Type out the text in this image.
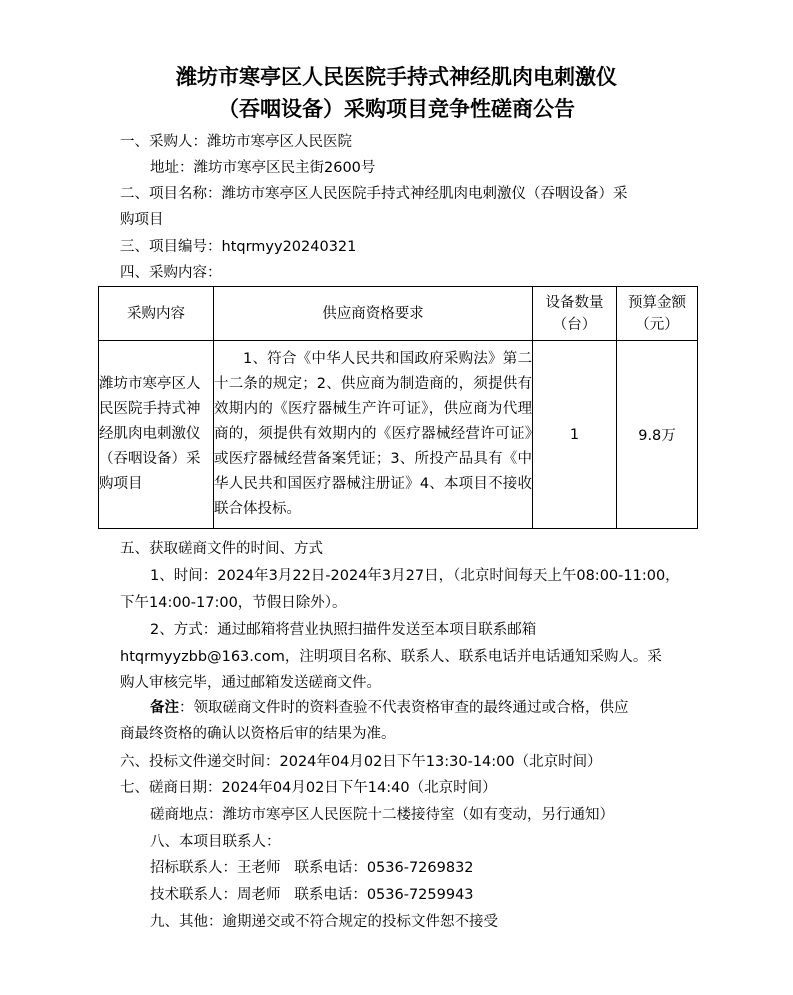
潍坊市寒亭区人民医院手持式神经肌肉电刺激仪
（吞咽设备）采购项目竞争性磋商公告
一、采购人：潍坊市寒亭区人民医院
地址：潍坊市寒亭区民主街2600号
二、项目名称：潍坊市寒亭区人民医院手持式神经肌肉电刺激仪（吞咽设备）采
购项目
三、项目编号：htqrmyy20240321
四、采购内容：
采购内容	供应商资格要求	设备数量
（台）	预算金额
（元）
潍坊市寒亭区人民医院手持式神经肌肉电刺激仪（吞咽设备）采购项目	1、符合《中华人民共和国政府采购法》第二十二条的规定；2、供应商为制造商的，须提供有效期内的《医疗器械生产许可证》，供应商为代理商的，须提供有效期内的《医疗器械经营许可证》或医疗器械经营备案凭证；3、所投产品具有《中华人民共和国医疗器械注册证》4、本项目不接收联合体投标。	1	9.8万
五、获取磋商文件的时间、方式
1、时间：2024年3月22日-2024年3月27日，（北京时间每天上午08:00-11:00，
下午14:00-17:00，节假日除外）。
2、方式：通过邮箱将营业执照扫描件发送至本项目联系邮箱
htqrmyyzbb@163.com，注明项目名称、联系人、联系电话并电话通知采购人。采
购人审核完毕，通过邮箱发送磋商文件。
备注：领取磋商文件时的资料查验不代表资格审查的最终通过或合格，供应
商最终资格的确认以资格后审的结果为准。
六、投标文件递交时间：2024年04月02日下午13:30-14:00（北京时间）
七、磋商日期：2024年04月02日下午14:40（北京时间）
磋商地点：潍坊市寒亭区人民医院十二楼接待室（如有变动，另行通知）
八、本项目联系人：
招标联系人：王老师   联系电话：0536-7269832
技术联系人：周老师   联系电话：0536-7259943
九、其他：逾期递交或不符合规定的投标文件恕不接受
